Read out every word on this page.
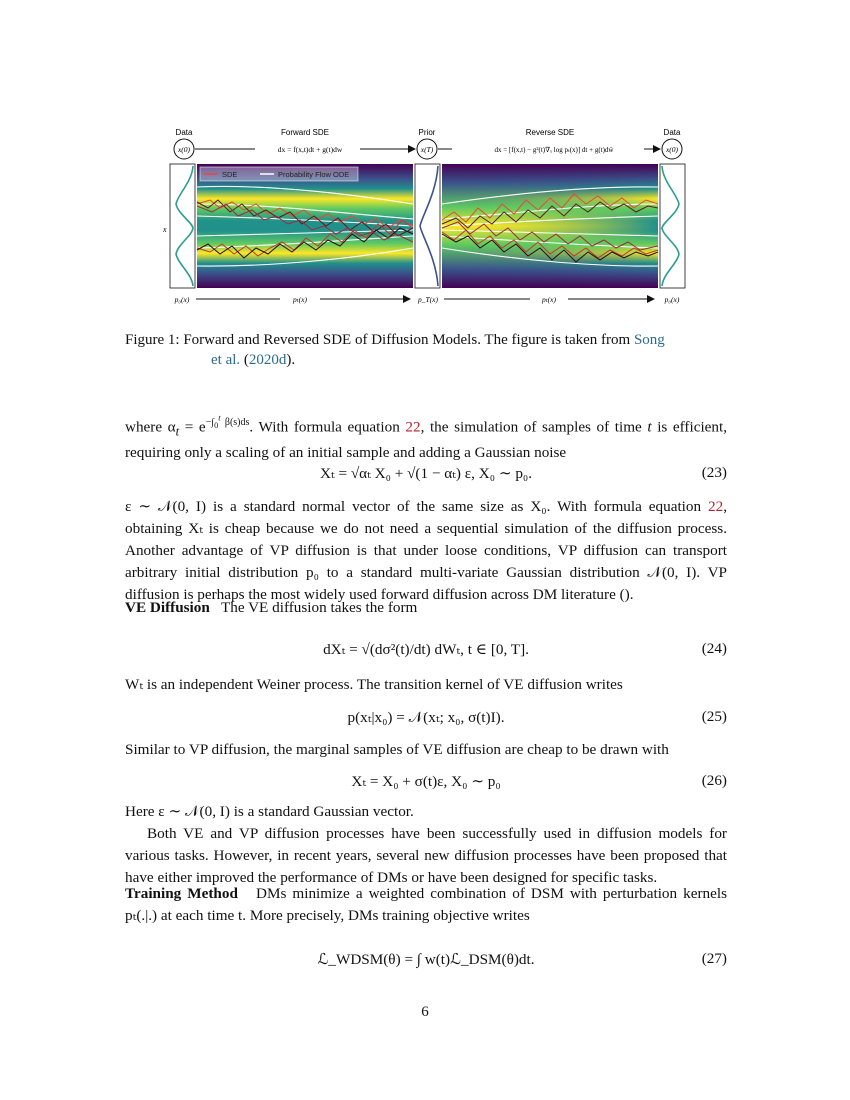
Data	Forward SDE	Prior	Reverse SDE	Data
x(0)	x(T)	x(0)
dx = f(x,t)dt + g(t)dw	dx = [f(x,t) − g²(t)∇ₓ log pₜ(x)] dt + g(t)dw̄
x
SDE	Probability Flow ODE
p₀(x)	pₜ(x)	p_T(x)	pₜ(x)	p₀(x)
Figure 1: Forward and Reversed SDE of Diffusion Models. The figure is taken from Song
et al. (2020d).
where $\alpha_t = e^{-\int_0^t \beta(s)ds}$. With formula equation 22, the simulation of samples of time t is efficient, requiring only a scaling of an initial sample and adding a Gaussian noise
Xₜ = √αₜ X₀ + √(1 − αₜ) ε, X₀ ∼ p₀.	(23)
ε ∼ 𝒩(0, I) is a standard normal vector of the same size as X₀. With formula equation 22, obtaining Xₜ is cheap because we do not need a sequential simulation of the diffusion process. Another advantage of VP diffusion is that under loose conditions, VP diffusion can transport arbitrary initial distribution p₀ to a standard multi-variate Gaussian distribution 𝒩(0, I). VP diffusion is perhaps the most widely used forward diffusion across DM literature ().
VE Diffusion The VE diffusion takes the form
dXₜ = √(dσ²(t)/dt) dWₜ, t ∈ [0, T].	(24)
Wₜ is an independent Weiner process. The transition kernel of VE diffusion writes
p(xₜ|x₀) = 𝒩(xₜ; x₀, σ(t)I).	(25)
Similar to VP diffusion, the marginal samples of VE diffusion are cheap to be drawn with
Xₜ = X₀ + σ(t)ε, X₀ ∼ p₀	(26)
Here ε ∼ 𝒩(0, I) is a standard Gaussian vector.
Both VE and VP diffusion processes have been successfully used in diffusion models for various tasks. However, in recent years, several new diffusion processes have been proposed that have either improved the performance of DMs or have been designed for specific tasks.
Training Method DMs minimize a weighted combination of DSM with perturbation kernels pₜ(.|.) at each time t. More precisely, DMs training objective writes
ℒ_WDSM(θ) = ∫ w(t)ℒ_DSM(θ)dt.	(27)
6
